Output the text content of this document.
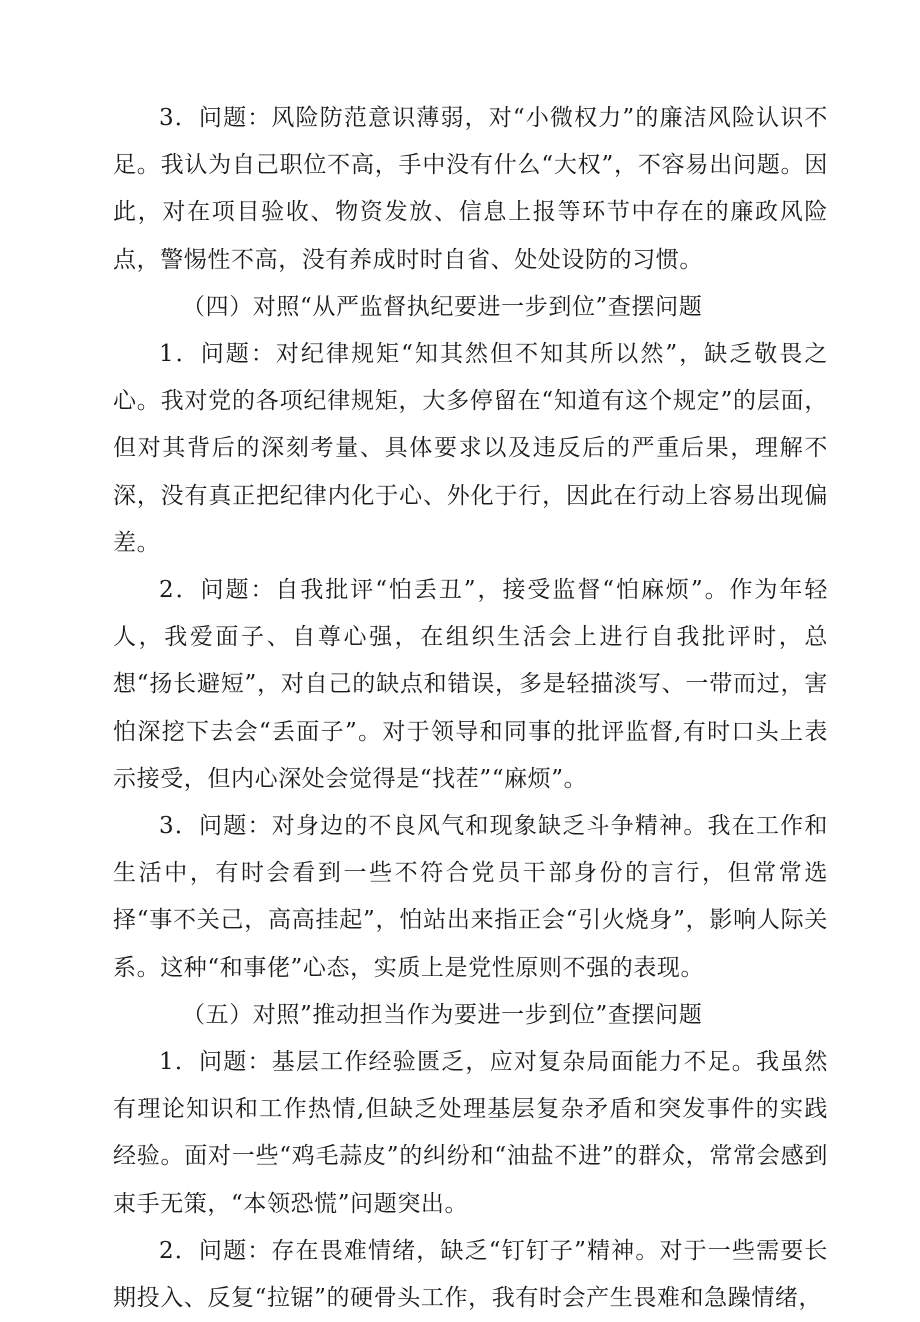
3．问题：风险防范意识薄弱，对“小微权力”的廉洁风险认识不足。我认为自己职位不高，手中没有什么“大权”，不容易出问题。因此，对在项目验收、物资发放、信息上报等环节中存在的廉政风险点，警惕性不高，没有养成时时自省、处处设防的习惯。

（四）对照“从严监督执纪要进一步到位”查摆问题

1．问题：对纪律规矩“知其然但不知其所以然”，缺乏敬畏之心。我对党的各项纪律规矩，大多停留在“知道有这个规定”的层面，但对其背后的深刻考量、具体要求以及违反后的严重后果，理解不深，没有真正把纪律内化于心、外化于行，因此在行动上容易出现偏差。

2．问题：自我批评“怕丢丑”，接受监督“怕麻烦”。作为年轻人，我爱面子、自尊心强，在组织生活会上进行自我批评时，总想“扬长避短”，对自己的缺点和错误，多是轻描淡写、一带而过，害怕深挖下去会“丢面子”。对于领导和同事的批评监督,有时口头上表示接受，但内心深处会觉得是“找茬”“麻烦”。

3．问题：对身边的不良风气和现象缺乏斗争精神。我在工作和生活中，有时会看到一些不符合党员干部身份的言行，但常常选择“事不关己，高高挂起”，怕站出来指正会“引火烧身”，影响人际关系。这种“和事佬”心态，实质上是党性原则不强的表现。

（五）对照”推动担当作为要进一步到位”查摆问题

1．问题：基层工作经验匮乏，应对复杂局面能力不足。我虽然有理论知识和工作热情,但缺乏处理基层复杂矛盾和突发事件的实践经验。面对一些“鸡毛蒜皮”的纠纷和“油盐不进”的群众，常常会感到束手无策，“本领恐慌”问题突出。

2．问题：存在畏难情绪，缺乏“钉钉子”精神。对于一些需要长期投入、反复“拉锯”的硬骨头工作，我有时会产生畏难和急躁情绪，
